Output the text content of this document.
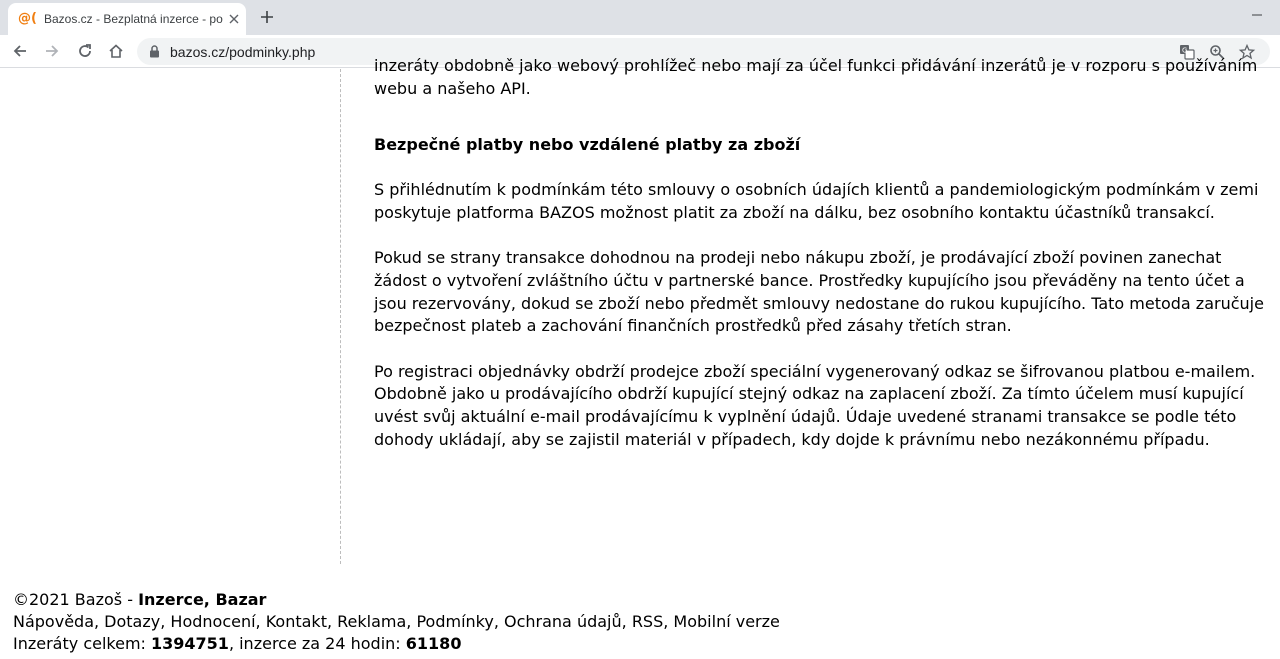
@( Bazos.cz - Bezplatná inzerce - po
bazos.cz/podminky.php	G

inzeráty obdobně jako webový prohlížeč nebo mají za účel funkci přidávání inzerátů je v rozporu s používáním webu a našeho API.

Bezpečné platby nebo vzdálené platby za zboží

S přihlédnutím k podmínkám této smlouvy o osobních údajích klientů a pandemiologickým podmínkám v zemi poskytuje platforma BAZOS možnost platit za zboží na dálku, bez osobního kontaktu účastníků transakcí.

Pokud se strany transakce dohodnou na prodeji nebo nákupu zboží, je prodávající zboží povinen zanechat žádost o vytvoření zvláštního účtu v partnerské bance. Prostředky kupujícího jsou převáděny na tento účet a jsou rezervovány, dokud se zboží nebo předmět smlouvy nedostane do rukou kupujícího. Tato metoda zaručuje bezpečnost plateb a zachování finančních prostředků před zásahy třetích stran.

Po registraci objednávky obdrží prodejce zboží speciální vygenerovaný odkaz se šifrovanou platbou e-mailem. Obdobně jako u prodávajícího obdrží kupující stejný odkaz na zaplacení zboží. Za tímto účelem musí kupující uvést svůj aktuální e-mail prodávajícímu k vyplnění údajů. Údaje uvedené stranami transakce se podle této dohody ukládají, aby se zajistil materiál v případech, kdy dojde k právnímu nebo nezákonnému případu.

©2021 Bazoš - Inzerce, Bazar
Nápověda, Dotazy, Hodnocení, Kontakt, Reklama, Podmínky, Ochrana údajů, RSS, Mobilní verze
Inzeráty celkem: 1394751, inzerce za 24 hodin: 61180
